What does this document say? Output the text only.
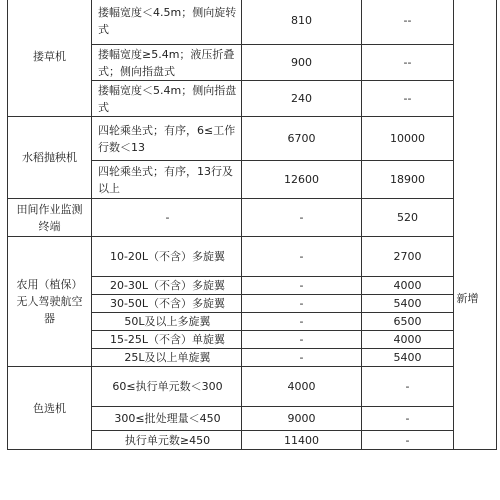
搂草机	搂幅宽度＜4.5m；侧向旋转式	810	--	
	搂幅宽度≥5.4m；液压折叠式；侧向指盘式	900	--	
	搂幅宽度＜5.4m；侧向指盘式	240	--	
水稻抛秧机	四轮乘坐式；有序，6≤工作行数＜13	6700	10000	
	四轮乘坐式；有序，13行及以上	12600	18900	
田间作业监测终端	-	-	520	
农用（植保）无人驾驶航空器	10-20L（不含）多旋翼	-	2700	
	20-30L（不含）多旋翼	-	4000	
	30-50L（不含）多旋翼	-	5400	
	50L及以上多旋翼	-	6500	
	15-25L（不含）单旋翼	-	4000	
	25L及以上单旋翼	-	5400	
色选机	60≤执行单元数＜300	4000	-	
	300≤批处理量＜450	9000	-	
	执行单元数≥450	11400	-	
新增
